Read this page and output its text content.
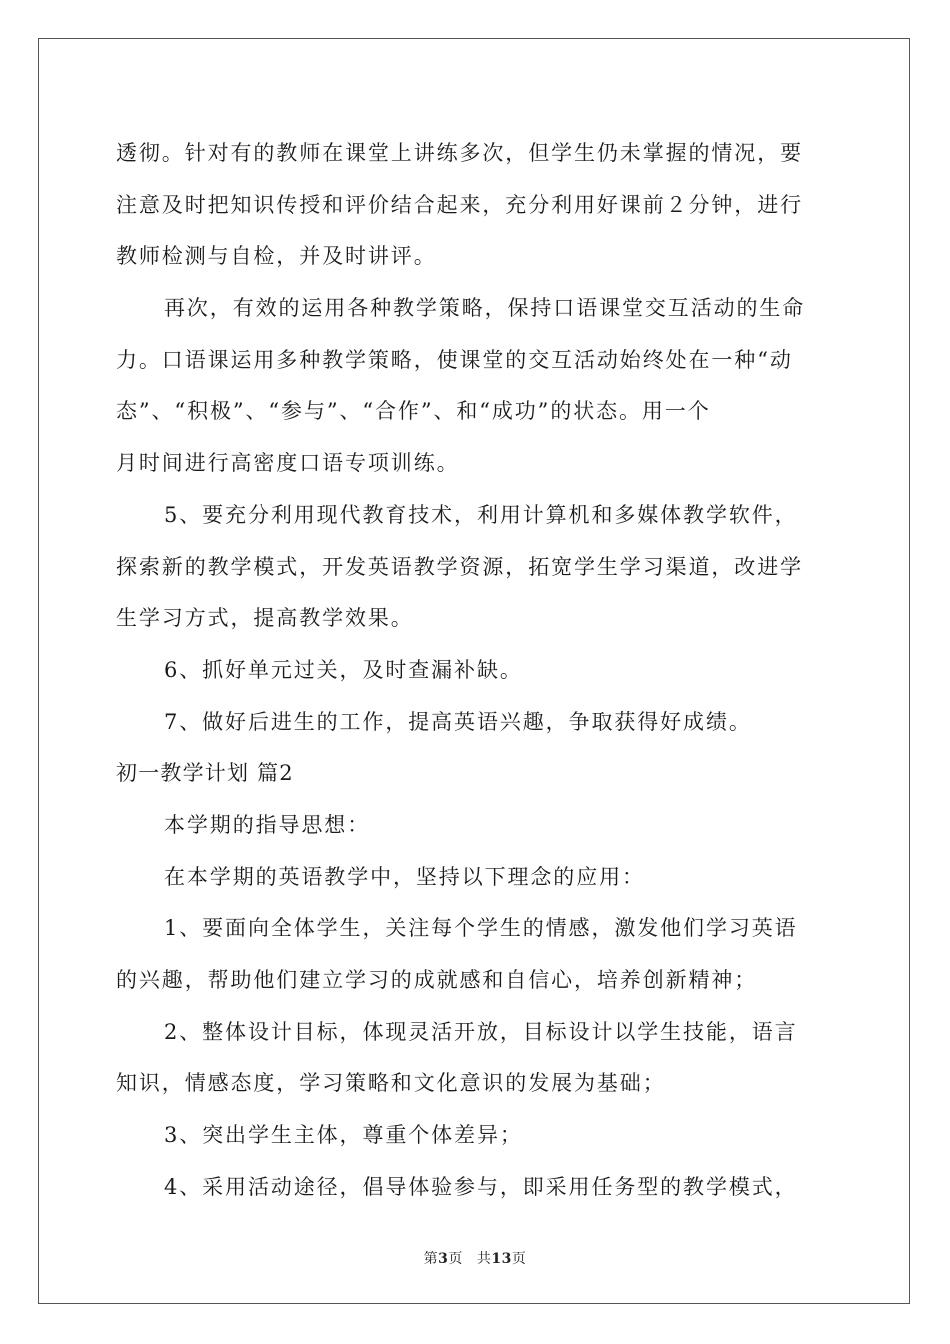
透彻。针对有的教师在课堂上讲练多次，但学生仍未掌握的情况，要
注意及时把知识传授和评价结合起来，充分利用好课前２分钟，进行
教师检测与自检，并及时讲评。
再次，有效的运用各种教学策略，保持口语课堂交互活动的生命
力。口语课运用多种教学策略，使课堂的交互活动始终处在一种“动
态”、“积极”、“参与”、“合作”、和“成功”的状态。用一个
月时间进行高密度口语专项训练。
5、要充分利用现代教育技术，利用计算机和多媒体教学软件，
探索新的教学模式，开发英语教学资源，拓宽学生学习渠道，改进学
生学习方式，提高教学效果。
6、抓好单元过关，及时查漏补缺。
7、做好后进生的工作，提高英语兴趣，争取获得好成绩。
初一教学计划 篇2
本学期的指导思想：
在本学期的英语教学中，坚持以下理念的应用：
1、要面向全体学生，关注每个学生的情感，激发他们学习英语
的兴趣，帮助他们建立学习的成就感和自信心，培养创新精神；
2、整体设计目标，体现灵活开放，目标设计以学生技能，语言
知识，情感态度，学习策略和文化意识的发展为基础；
3、突出学生主体，尊重个体差异；
4、采用活动途径，倡导体验参与，即采用任务型的教学模式，
第3页 共13页
